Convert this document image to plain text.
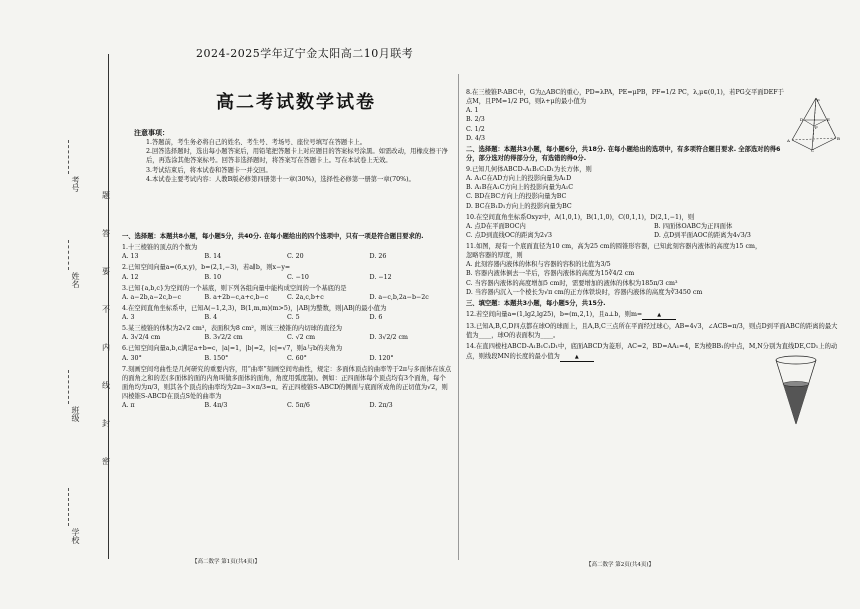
考号
姓名
班级
学校
题
答
要
不
内
线
封
密
2024-2025学年辽宁金太阳高二10月联考
高二考试数学试卷
注意事项：
1.答题前，考生务必将自己的姓名、考生号、考场号、座位号填写在答题卡上。
2.回答选择题时，选出每小题答案后，用铅笔把答题卡上对应题目的答案标号涂黑。如需改动，用橡皮擦干净后，再选涂其他答案标号。回答非选择题时，将答案写在答题卡上。写在本试卷上无效。
3.考试结束后，将本试卷和答题卡一并交回。
4.本试卷主要考试内容：人教B版必修第四册第十一章(30%)，选择性必修第一册第一章(70%)。
一、选择题：本题共8小题，每小题5分，共40分. 在每小题给出的四个选项中，只有一项是符合题目要求的.
1.十三棱锥的顶点的个数为
A. 13	B. 14	C. 20	D. 26
2.已知空间向量a=(6,x,y)，b=(2,1,−3)，若a∥b，则x−y=
A. 12	B. 10	C. −10	D. −12
3.已知{a,b,c}为空间的一个基底，则下列各组向量中能构成空间的一个基底的是
A. a−2b,a−2c,b−c	B. a+2b−c,a+c,b−c	C. 2a,c,b+c	D. a−c,b,2a−b−2c
4.在空间直角坐标系中，已知A(−1,2,3)，B(1,m,m)(m>5)，|AB|为整数，则|AB|的最小值为
A. 3	B. 4	C. 5	D. 6
5.某三棱锥的体积为2√2 cm³，表面积为8 cm²，则该三棱锥的内切球的直径为
A. 3√2/4 cm	B. 3√2/2 cm	C. √2 cm	D. 3√2/2 cm
6.已知空间向量a,b,c满足a+b=c，|a|=1，|b|=2，|c|=√7，则a与b的夹角为
A. 30°	B. 150°	C. 60°	D. 120°
7.刻画空间弯曲性是几何研究的重要内容，用“曲率”刻画空间弯曲性，规定：多面体顶点的曲率等于2π与多面体在该点的面角之和的差(多面体的面的内角叫做多面体的面角，角度用弧度制)。例如：正四面体每个顶点均有3个面角，每个面角均为π/3，则其各个顶点的曲率均为2π−3×π/3=π。若正四棱锥S-ABCD的侧面与底面所成角的正切值为√2，则四棱锥S-ABCD在顶点S处的曲率为
A. π	B. 4π/3	C. 5π/6	D. 2π/3
【高二数学 第1页(共4页)】
P
A	B
C
D	E
F
8.在三棱锥P-ABC中，G为△ABC的重心，PD=λPA，PE=μPB，PF=1/2 PC，λ,μ∈(0,1)，若PG交平面DEF于点M，且PM=1/2 PG，则λ+μ的最小值为
A. 1
B. 2/3
C. 1/2
D. 4/3
二、选择题：本题共3小题，每小题6分，共18分. 在每小题给出的选项中，有多项符合题目要求. 全部选对的得6分，部分选对的得部分分，有选错的得0分.
9.已知几何体ABCD-A₁B₁C₁D₁为长方体，则
A. A₁C在AD方向上的投影向量为A₁D
B. A₁B在A₁C方向上的投影向量为A₁C
C. BD在BC方向上的投影向量为BC
D. BC在B₁D₁方向上的投影向量为BC
10.在空间直角坐标系Oxyz中，A(1,0,1)，B(1,1,0)，C(0,1,1)，D(2,1,−1)，则
A. 点D在平面BOC内	B. 四面体OABC为正四面体
C. 点D到直线OC的距离为2√3	D. 点D到平面AOC的距离为4√3/3
11.如图，现有一个底面直径为10 cm，高为25 cm的圆锥形容器，已知此刻容器内液体的高度为15 cm，忽略容器的厚度，则
A. 此刻容器内液体的体积与容器的容积的比值为3/5
B. 容器内液体倒去一半后，容器内液体的高度为15∛4/2 cm
C. 当容器内液体的高度增加5 cm时，需要增加的液体的体积为185π/3 cm³
D. 当容器内沉入一个棱长为√π cm的正方体铁块时，容器内液体的高度为∛3450 cm
三、填空题：本题共3小题，每小题5分，共15分.
12.若空间向量a=(1,lg2,lg25)，b=(m,2,1)，且a⊥b，则m=	▲
13.已知A,B,C,D四点都在球O的球面上，且A,B,C三点所在平面经过球心，AB=4√3，∠ACB=π/3，则点D到平面ABC的距离的最大值为____，球O的表面积为____。
14.在直四棱柱ABCD-A₁B₁C₁D₁中，底面ABCD为菱形，AC=2，BD=AA₁=4，E为棱BB₁的中点，M,N分别为直线DE,CD₁上的动点，则线段MN的长度的最小值为	▲
【高二数学 第2页(共4页)】
